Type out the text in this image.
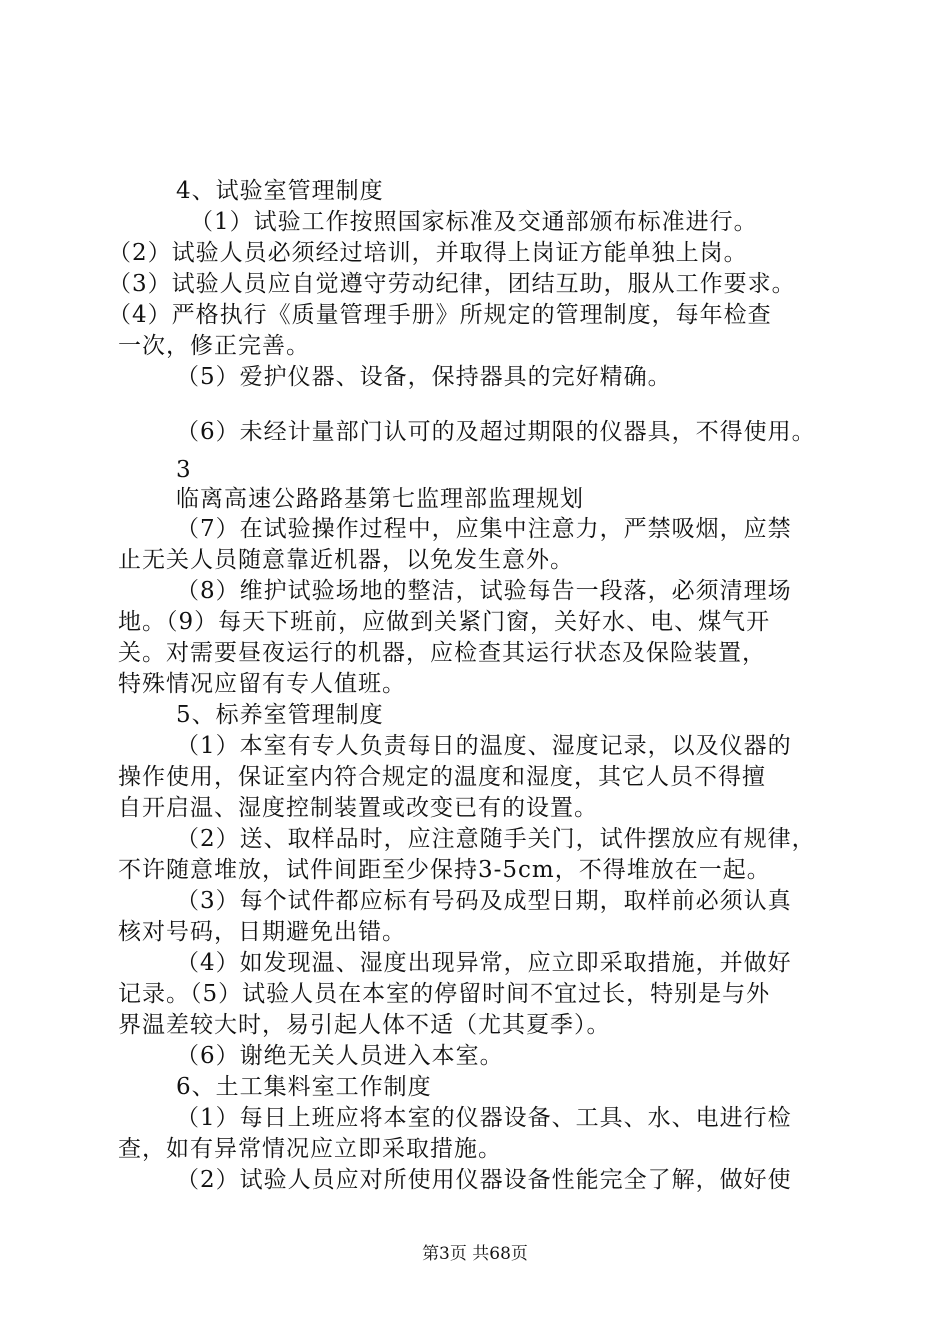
4、试验室管理制度
（1）试验工作按照国家标准及交通部颁布标准进行。
（2）试验人员必须经过培训，并取得上岗证方能单独上岗。
（3）试验人员应自觉遵守劳动纪律，团结互助，服从工作要求。
（4）严格执行《质量管理手册》所规定的管理制度，每年检查
一次，修正完善。
（5）爱护仪器、设备，保持器具的完好精确。
（6）未经计量部门认可的及超过期限的仪器具，不得使用。
3
临离高速公路路基第七监理部监理规划
（7）在试验操作过程中，应集中注意力，严禁吸烟，应禁
止无关人员随意靠近机器，以免发生意外。
（8）维护试验场地的整洁，试验每告一段落，必须清理场
地。（9）每天下班前，应做到关紧门窗，关好水、电、煤气开
关。对需要昼夜运行的机器，应检查其运行状态及保险装置，
特殊情况应留有专人值班。
5、标养室管理制度
（1）本室有专人负责每日的温度、湿度记录，以及仪器的
操作使用，保证室内符合规定的温度和湿度，其它人员不得擅
自开启温、湿度控制装置或改变已有的设置。
（2）送、取样品时，应注意随手关门，试件摆放应有规律，
不许随意堆放，试件间距至少保持3-5cm，不得堆放在一起。
（3）每个试件都应标有号码及成型日期，取样前必须认真
核对号码，日期避免出错。
（4）如发现温、湿度出现异常，应立即采取措施，并做好
记录。（5）试验人员在本室的停留时间不宜过长，特别是与外
界温差较大时，易引起人体不适（尤其夏季）。
（6）谢绝无关人员进入本室。
6、土工集料室工作制度
（1）每日上班应将本室的仪器设备、工具、水、电进行检
查，如有异常情况应立即采取措施。
（2）试验人员应对所使用仪器设备性能完全了解，做好使
第3页 共68页
